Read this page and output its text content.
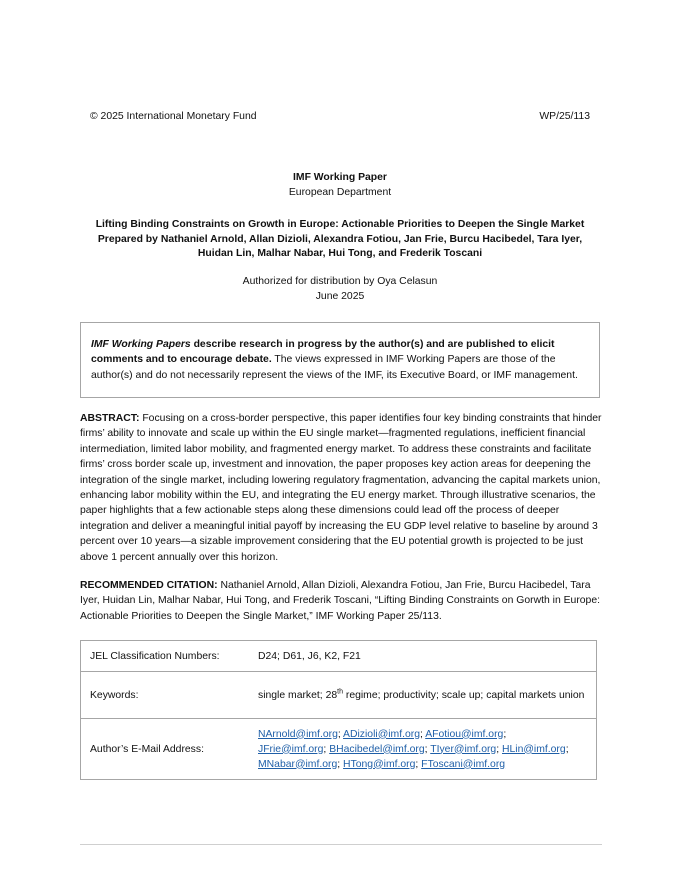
© 2025 International Monetary Fund	WP/25/113
IMF Working Paper
European Department
Lifting Binding Constraints on Growth in Europe: Actionable Priorities to Deepen the Single Market
Prepared by Nathaniel Arnold, Allan Dizioli, Alexandra Fotiou, Jan Frie, Burcu Hacibedel, Tara Iyer, Huidan Lin, Malhar Nabar, Hui Tong, and Frederik Toscani
Authorized for distribution by Oya Celasun
June 2025
IMF Working Papers describe research in progress by the author(s) and are published to elicit comments and to encourage debate. The views expressed in IMF Working Papers are those of the author(s) and do not necessarily represent the views of the IMF, its Executive Board, or IMF management.
ABSTRACT: Focusing on a cross-border perspective, this paper identifies four key binding constraints that hinder firms’ ability to innovate and scale up within the EU single market—fragmented regulations, inefficient financial intermediation, limited labor mobility, and fragmented energy market. To address these constraints and facilitate firms’ cross border scale up, investment and innovation, the paper proposes key action areas for deepening the integration of the single market, including lowering regulatory fragmentation, advancing the capital markets union, enhancing labor mobility within the EU, and integrating the EU energy market. Through illustrative scenarios, the paper highlights that a few actionable steps along these dimensions could lead off the process of deeper integration and deliver a meaningful initial payoff by increasing the EU GDP level relative to baseline by around 3 percent over 10 years—a sizable improvement considering that the EU potential growth is projected to be just above 1 percent annually over this horizon.
RECOMMENDED CITATION: Nathaniel Arnold, Allan Dizioli, Alexandra Fotiou, Jan Frie, Burcu Hacibedel, Tara Iyer, Huidan Lin, Malhar Nabar, Hui Tong, and Frederik Toscani, “Lifting Binding Constraints on Gorwth in Europe: Actionable Priorities to Deepen the Single Market,” IMF Working Paper 25/113.
JEL Classification Numbers:	D24; D61, J6, K2, F21
Keywords:	single market; 28th regime; productivity; scale up; capital markets union
Author’s E-Mail Address:	NArnold@imf.org; ADizioli@imf.org; AFotiou@imf.org;
JFrie@imf.org; BHacibedel@imf.org; TIyer@imf.org; HLin@imf.org;
MNabar@imf.org; HTong@imf.org; FToscani@imf.org
